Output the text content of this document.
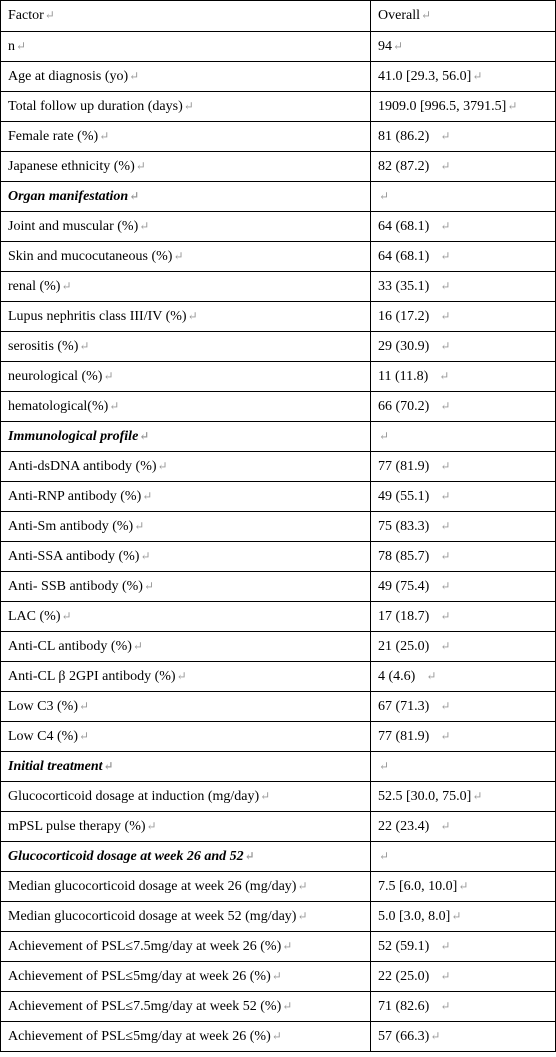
Factor↵	Overall↵
n↵	94↵
Age at diagnosis (yo)↵	41.0 [29.3, 56.0]↵
Total follow up duration (days)↵	1909.0 [996.5, 3791.5]↵
Female rate (%)↵	81 (86.2) ↵
Japanese ethnicity (%)↵	82 (87.2) ↵
Organ manifestation↵	↵
Joint and muscular (%)↵	64 (68.1) ↵
Skin and mucocutaneous (%)↵	64 (68.1) ↵
renal (%)↵	33 (35.1) ↵
Lupus nephritis class III/IV (%)↵	16 (17.2) ↵
serositis (%)↵	29 (30.9) ↵
neurological (%)↵	11 (11.8) ↵
hematological(%)↵	66 (70.2) ↵
Immunological profile↵	↵
Anti-dsDNA antibody (%)↵	77 (81.9) ↵
Anti-RNP antibody (%)↵	49 (55.1) ↵
Anti-Sm antibody (%)↵	75 (83.3) ↵
Anti-SSA antibody (%)↵	78 (85.7) ↵
Anti- SSB antibody (%)↵	49 (75.4) ↵
LAC (%)↵	17 (18.7) ↵
Anti-CL antibody (%)↵	21 (25.0) ↵
Anti-CL β 2GPI antibody (%)↵	4 (4.6) ↵
Low C3 (%)↵	67 (71.3) ↵
Low C4 (%)↵	77 (81.9) ↵
Initial treatment↵	↵
Glucocorticoid dosage at induction (mg/day)↵	52.5 [30.0, 75.0]↵
mPSL pulse therapy (%)↵	22 (23.4) ↵
Glucocorticoid dosage at week 26 and 52↵	↵
Median glucocorticoid dosage at week 26 (mg/day)↵	7.5 [6.0, 10.0]↵
Median glucocorticoid dosage at week 52 (mg/day)↵	5.0 [3.0, 8.0]↵
Achievement of PSL≤7.5mg/day at week 26 (%)↵	52 (59.1) ↵
Achievement of PSL≤5mg/day at week 26 (%)↵	22 (25.0) ↵
Achievement of PSL≤7.5mg/day at week 52 (%)↵	71 (82.6) ↵
Achievement of PSL≤5mg/day at week 26 (%)↵	57 (66.3)↵
